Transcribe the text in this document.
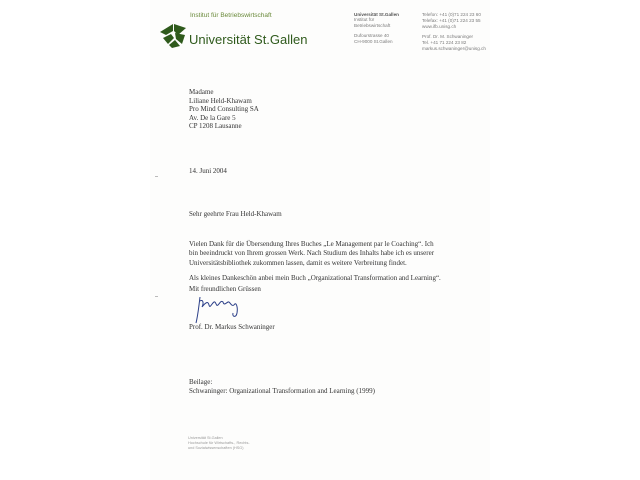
Institut für Betriebswirtschaft
Universität St.Gallen
Universität St.Gallen
Institut für
Betriebswirtschaft
Dufourstrasse 40
CH-9000 St.Gallen
Telefon: +41 (0)71 224 23 60
Telefax: +41 (0)71 224 23 55
www.ifb.unisg.ch
Prof. Dr. M. Schwaninger
Tel. +41 71 224 23 82
markus.schwaninger@unisg.ch
Madame
Liliane Held-Khawam
Pro Mind Consulting SA
Av. De la Gare 5
CP 1208 Lausanne
14. Juni 2004
Sehr geehrte Frau Held-Khawam
Vielen Dank für die Übersendung Ihres Buches „Le Management par le Coaching“. Ich
bin beeindruckt von Ihrem grossen Werk. Nach Studium des Inhalts habe ich es unserer
Universitätsbibliothek zukommen lassen, damit es weitere Verbreitung findet.
Als kleines Dankeschön anbei mein Buch „Organizational Transformation and Learning“.
Mit freundlichen Grüssen
Prof. Dr. Markus Schwaninger
Beilage:
Schwaninger: Organizational Transformation and Learning (1999)
Universität St.Gallen
Hochschule für Wirtschafts-, Rechts-
und Sozialwissenschaften (HSG)
